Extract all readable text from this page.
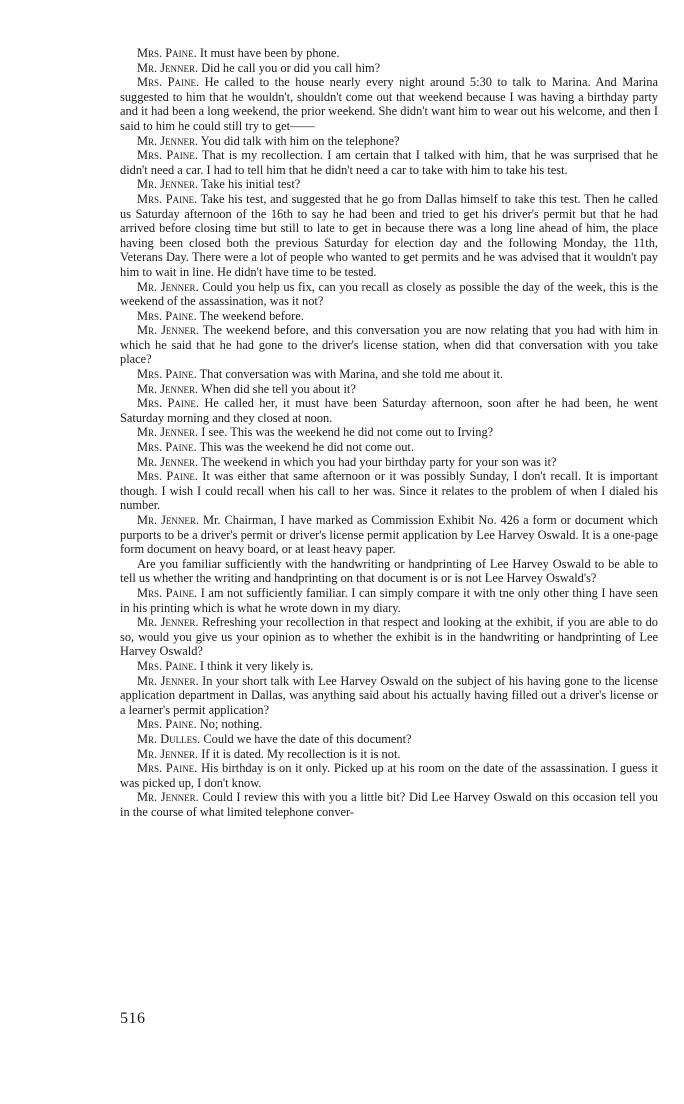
Mrs. Paine. It must have been by phone.

Mr. Jenner. Did he call you or did you call him?

Mrs. Paine. He called to the house nearly every night around 5:30 to talk to Marina. And Marina suggested to him that he wouldn't, shouldn't come out that weekend because I was having a birthday party and it had been a long weekend, the prior weekend. She didn't want him to wear out his welcome, and then I said to him he could still try to get——

Mr. Jenner. You did talk with him on the telephone?

Mrs. Paine. That is my recollection. I am certain that I talked with him, that he was surprised that he didn't need a car. I had to tell him that he didn't need a car to take with him to take his test.

Mr. Jenner. Take his initial test?

Mrs. Paine. Take his test, and suggested that he go from Dallas himself to take this test. Then he called us Saturday afternoon of the 16th to say he had been and tried to get his driver's permit but that he had arrived before closing time but still to late to get in because there was a long line ahead of him, the place having been closed both the previous Saturday for election day and the following Monday, the 11th, Veterans Day. There were a lot of people who wanted to get permits and he was advised that it wouldn't pay him to wait in line. He didn't have time to be tested.

Mr. Jenner. Could you help us fix, can you recall as closely as possible the day of the week, this is the weekend of the assassination, was it not?

Mrs. Paine. The weekend before.

Mr. Jenner. The weekend before, and this conversation you are now relating that you had with him in which he said that he had gone to the driver's license station, when did that conversation with you take place?

Mrs. Paine. That conversation was with Marina, and she told me about it.

Mr. Jenner. When did she tell you about it?

Mrs. Paine. He called her, it must have been Saturday afternoon, soon after he had been, he went Saturday morning and they closed at noon.

Mr. Jenner. I see. This was the weekend he did not come out to Irving?

Mrs. Paine. This was the weekend he did not come out.

Mr. Jenner. The weekend in which you had your birthday party for your son was it?

Mrs. Paine. It was either that same afternoon or it was possibly Sunday, I don't recall. It is important though. I wish I could recall when his call to her was. Since it relates to the problem of when I dialed his number.

Mr. Jenner. Mr. Chairman, I have marked as Commission Exhibit No. 426 a form or document which purports to be a driver's permit or driver's license permit application by Lee Harvey Oswald. It is a one-page form document on heavy board, or at least heavy paper.

Are you familiar sufficiently with the handwriting or handprinting of Lee Harvey Oswald to be able to tell us whether the writing and handprinting on that document is or is not Lee Harvey Oswald's?

Mrs. Paine. I am not sufficiently familiar. I can simply compare it with tne only other thing I have seen in his printing which is what he wrote down in my diary.

Mr. Jenner. Refreshing your recollection in that respect and looking at the exhibit, if you are able to do so, would you give us your opinion as to whether the exhibit is in the handwriting or handprinting of Lee Harvey Oswald?

Mrs. Paine. I think it very likely is.

Mr. Jenner. In your short talk with Lee Harvey Oswald on the subject of his having gone to the license application department in Dallas, was anything said about his actually having filled out a driver's license or a learner's permit application?

Mrs. Paine. No; nothing.

Mr. Dulles. Could we have the date of this document?

Mr. Jenner. If it is dated. My recollection is it is not.

Mrs. Paine. His birthday is on it only. Picked up at his room on the date of the assassination. I guess it was picked up, I don't know.

Mr. Jenner. Could I review this with you a little bit? Did Lee Harvey Oswald on this occasion tell you in the course of what limited telephone conver-

516
